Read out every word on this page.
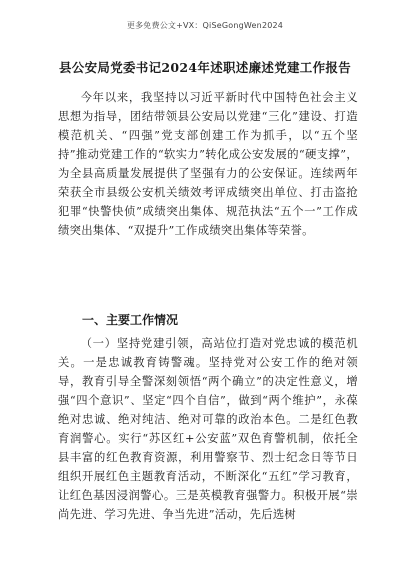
更多免费公文+VX：QiSeGongWen2024
县公安局党委书记2024年述职述廉述党建工作报告

今年以来，我坚持以习近平新时代中国特色社会主义思想为指导，团结带领县公安局以党建“三化”建设、打造模范机关、“四强”党支部创建工作为抓手，以“五个坚持”推动党建工作的“软实力”转化成公安发展的“硬支撑”，为全县高质量发展提供了坚强有力的公安保证。连续两年荣获全市县级公安机关绩效考评成绩突出单位、打击盗抢犯罪“快警快侦”成绩突出集体、规范执法“五个一”工作成绩突出集体、“双提升”工作成绩突出集体等荣誉。

一、主要工作情况

（一）坚持党建引领，高站位打造对党忠诚的模范机关。一是忠诚教育铸警魂。坚持党对公安工作的绝对领导，教育引导全警深刻领悟“两个确立”的决定性意义，增强“四个意识”、坚定“四个自信”，做到“两个维护”，永葆绝对忠诚、绝对纯洁、绝对可靠的政治本色。二是红色教育润警心。实行“苏区红+公安蓝”双色育警机制，依托全县丰富的红色教育资源，利用警察节、烈士纪念日等节日组织开展红色主题教育活动，不断深化“五红”学习教育，让红色基因浸润警心。三是英模教育强警力。积极开展“崇尚先进、学习先进、争当先进”活动，先后选树
